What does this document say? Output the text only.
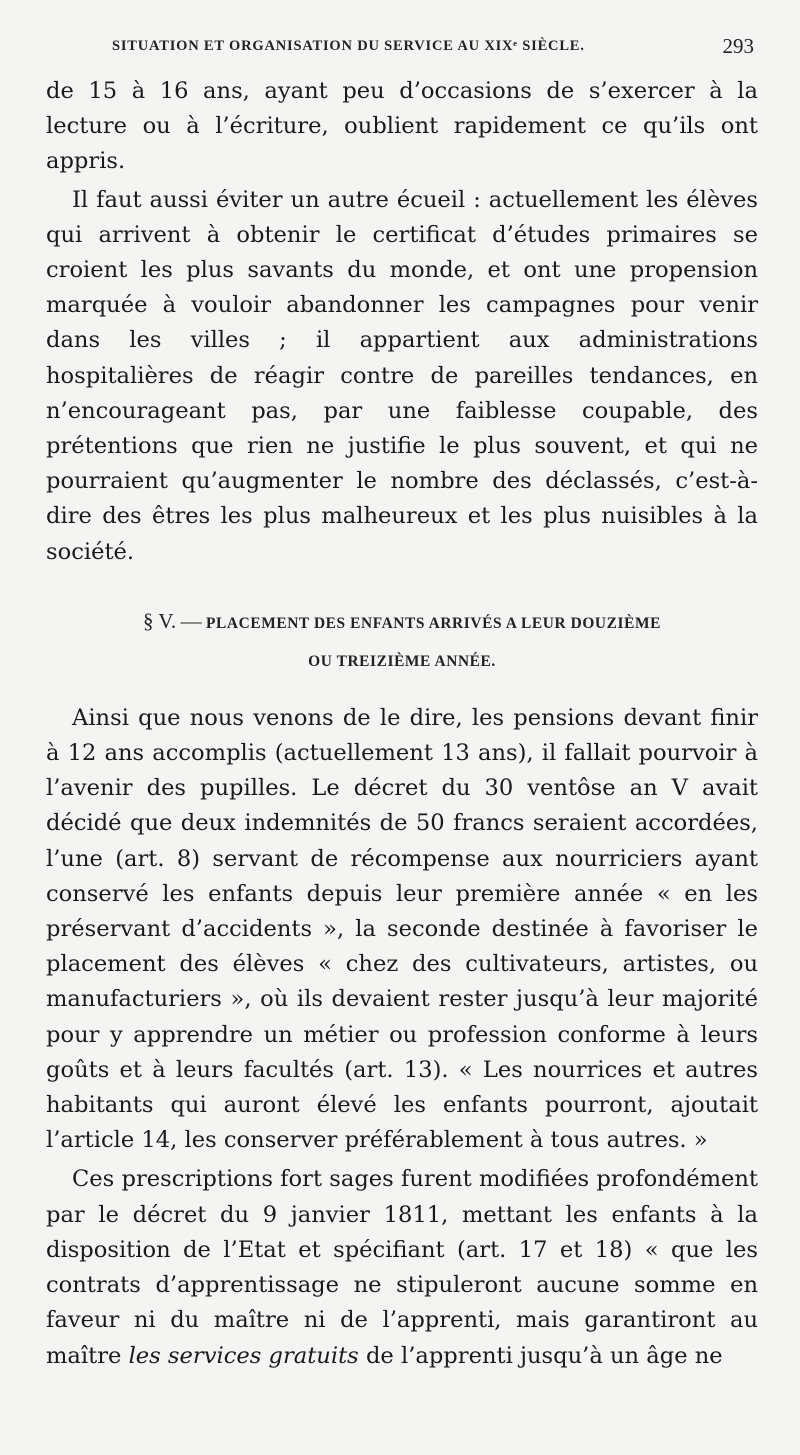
SITUATION ET ORGANISATION DU SERVICE AU XIXᵉ SIÈCLE.	293

de 15 à 16 ans, ayant peu d’occasions de s’exercer à la lecture ou à l’écriture, oublient rapidement ce qu’ils ont appris.

Il faut aussi éviter un autre écueil : actuellement les élèves qui arrivent à obtenir le certificat d’études primaires se croient les plus savants du monde, et ont une propension marquée à vouloir abandonner les campagnes pour venir dans les villes ; il appartient aux administrations hospitalières de réagir contre de pareilles tendances, en n’encourageant pas, par une faiblesse coupable, des prétentions que rien ne justifie le plus souvent, et qui ne pourraient qu’augmenter le nombre des déclassés, c’est-à-dire des êtres les plus malheureux et les plus nuisibles à la société.

§ V. — PLACEMENT DES ENFANTS ARRIVÉS A LEUR DOUZIÈME
OU TREIZIÈME ANNÉE.

Ainsi que nous venons de le dire, les pensions devant finir à 12 ans accomplis (actuellement 13 ans), il fallait pourvoir à l’avenir des pupilles. Le décret du 30 ventôse an V avait décidé que deux indemnités de 50 francs seraient accordées, l’une (art. 8) servant de récompense aux nourriciers ayant conservé les enfants depuis leur première année « en les préservant d’accidents », la seconde destinée à favoriser le placement des élèves « chez des cultivateurs, artistes, ou manufacturiers », où ils devaient rester jusqu’à leur majorité pour y apprendre un métier ou profession conforme à leurs goûts et à leurs facultés (art. 13). « Les nourrices et autres habitants qui auront élevé les enfants pourront, ajoutait l’article 14, les conserver préférablement à tous autres. »

Ces prescriptions fort sages furent modifiées profondément par le décret du 9 janvier 1811, mettant les enfants à la disposition de l’Etat et spécifiant (art. 17 et 18) « que les contrats d’apprentissage ne stipuleront aucune somme en faveur ni du maître ni de l’apprenti, mais garantiront au maître les services gratuits de l’apprenti jusqu’à un âge ne
